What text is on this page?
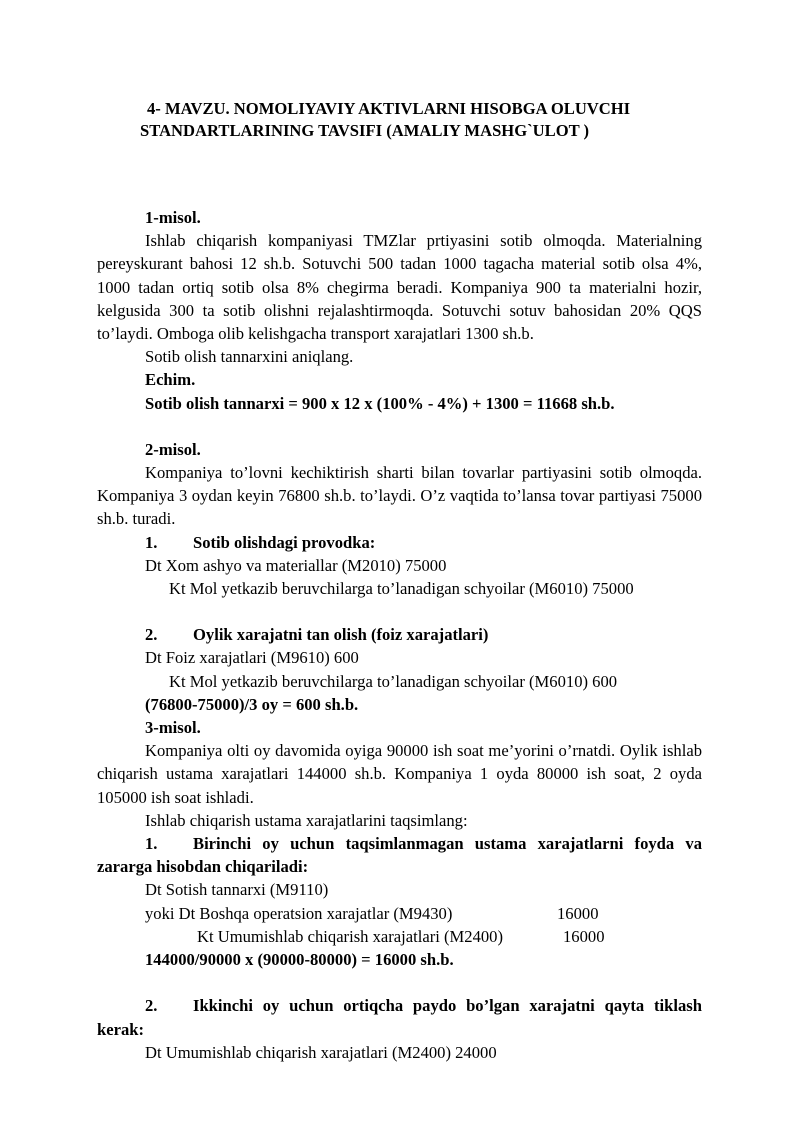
4- MAVZU. NOMOLIYAVIY AKTIVLARNI HISOBGA OLUVCHI
STANDARTLARINING TAVSIFI (AMALIY MASHG`ULOT )

1-misol.

Ishlab chiqarish kompaniyasi TMZlar prtiyasini sotib olmoqda. Materialning pereyskurant bahosi 12 sh.b. Sotuvchi 500 tadan 1000 tagacha material sotib olsa 4%, 1000 tadan ortiq sotib olsa 8% chegirma beradi. Kompaniya 900 ta materialni hozir, kelgusida 300 ta sotib olishni rejalashtirmoqda. Sotuvchi sotuv bahosidan 20% QQS to’laydi. Omboga olib kelishgacha transport xarajatlari 1300 sh.b.

Sotib olish tannarxini aniqlang.

Echim.

Sotib olish tannarxi = 900 x 12 x (100% - 4%) + 1300 = 11668 sh.b.

2-misol.

Kompaniya to’lovni kechiktirish sharti bilan tovarlar partiyasini sotib olmoqda. Kompaniya 3 oydan keyin 76800 sh.b. to’laydi. O’z vaqtida to’lansa tovar partiyasi 75000 sh.b. turadi.

1. Sotib olishdagi provodka:

Dt Xom ashyo va materiallar (M2010) 75000

Kt Mol yetkazib beruvchilarga to’lanadigan schyoilar (M6010) 75000

2. Oylik xarajatni tan olish (foiz xarajatlari)

Dt Foiz xarajatlari (M9610) 600

Kt Mol yetkazib beruvchilarga to’lanadigan schyoilar (M6010) 600

(76800-75000)/3 oy = 600 sh.b.

3-misol.

Kompaniya olti oy davomida oyiga 90000 ish soat me’yorini o’rnatdi. Oylik ishlab chiqarish ustama xarajatlari 144000 sh.b. Kompaniya 1 oyda 80000 ish soat, 2 oyda 105000 ish soat ishladi.

Ishlab chiqarish ustama xarajatlarini taqsimlang:

1. Birinchi oy uchun taqsimlanmagan ustama xarajatlarni foyda va zararga hisobdan chiqariladi:

Dt Sotish tannarxi (M9110)

yoki Dt Boshqa operatsion xarajatlar (M9430)	16000

Kt Umumishlab chiqarish xarajatlari (M2400)	16000

144000/90000 x (90000-80000) = 16000 sh.b.

2. Ikkinchi oy uchun ortiqcha paydo bo’lgan xarajatni qayta tiklash kerak:

Dt Umumishlab chiqarish xarajatlari (M2400) 24000
